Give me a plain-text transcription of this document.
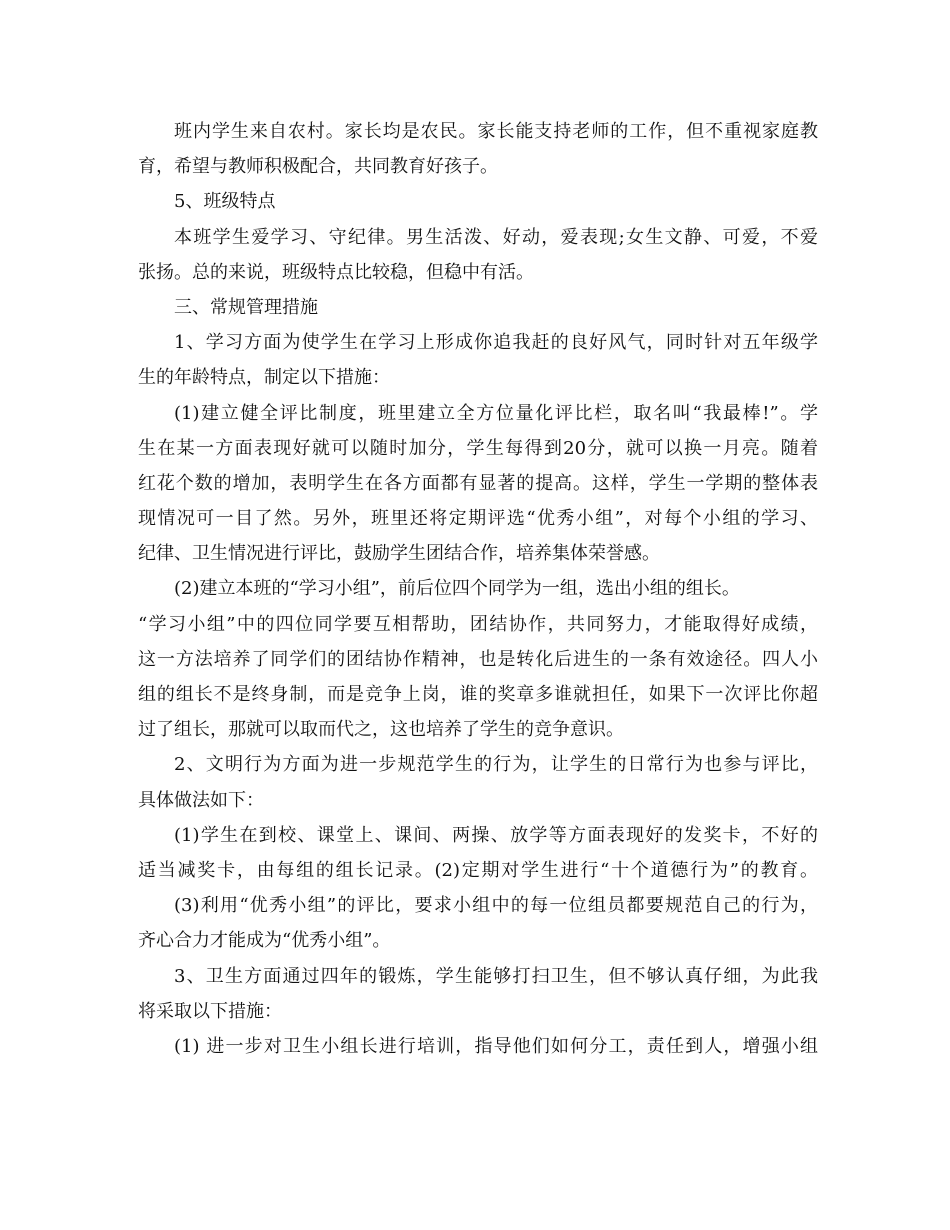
班内学生来自农村。家长均是农民。家长能支持老师的工作，但不重视家庭教
育，希望与教师积极配合，共同教育好孩子。
5、班级特点
本班学生爱学习、守纪律。男生活泼、好动，爱表现;女生文静、可爱，不爱
张扬。总的来说，班级特点比较稳，但稳中有活。
三、常规管理措施
1、学习方面为使学生在学习上形成你追我赶的良好风气，同时针对五年级学
生的年龄特点，制定以下措施：
(1)建立健全评比制度，班里建立全方位量化评比栏，取名叫“我最棒!”。学
生在某一方面表现好就可以随时加分，学生每得到20分，就可以换一月亮。随着
红花个数的增加，表明学生在各方面都有显著的提高。这样，学生一学期的整体表
现情况可一目了然。另外，班里还将定期评选“优秀小组”，对每个小组的学习、
纪律、卫生情况进行评比，鼓励学生团结合作，培养集体荣誉感。
(2)建立本班的“学习小组”，前后位四个同学为一组，选出小组的组长。
“学习小组”中的四位同学要互相帮助，团结协作，共同努力，才能取得好成绩，
这一方法培养了同学们的团结协作精神，也是转化后进生的一条有效途径。四人小
组的组长不是终身制，而是竞争上岗，谁的奖章多谁就担任，如果下一次评比你超
过了组长，那就可以取而代之，这也培养了学生的竞争意识。
2、文明行为方面为进一步规范学生的行为，让学生的日常行为也参与评比，
具体做法如下：
(1)学生在到校、课堂上、课间、两操、放学等方面表现好的发奖卡，不好的
适当减奖卡，由每组的组长记录。(2)定期对学生进行“十个道德行为”的教育。
(3)利用“优秀小组”的评比，要求小组中的每一位组员都要规范自己的行为，
齐心合力才能成为“优秀小组”。
3、卫生方面通过四年的锻炼，学生能够打扫卫生，但不够认真仔细，为此我
将采取以下措施：
(1) 进一步对卫生小组长进行培训，指导他们如何分工，责任到人，增强小组
